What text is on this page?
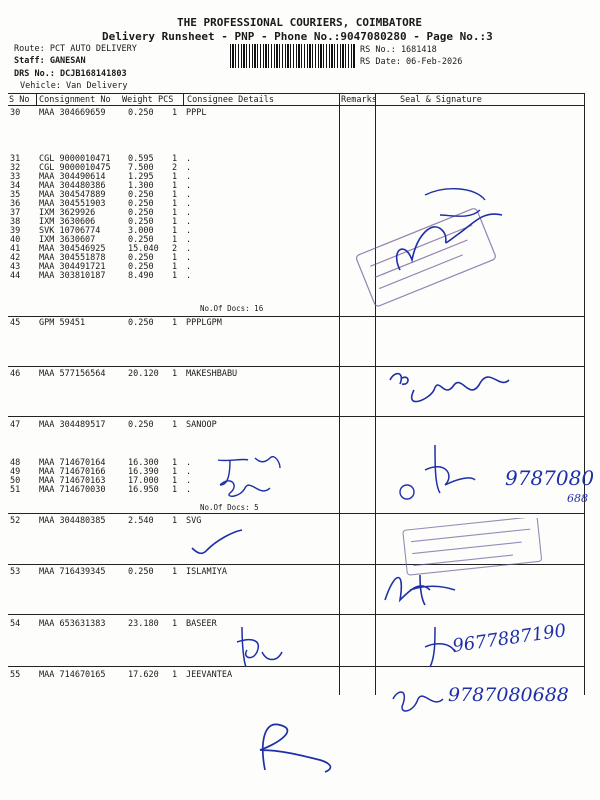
THE PROFESSIONAL COURIERS, COIMBATORE
Delivery Runsheet - PNP - Phone No.:9047080280 - Page No.:3
Route: PCT AUTO DELIVERY
Staff: GANESAN
DRS No.: DCJB168141803
Vehicle: Van Delivery
RS No.: 1681418
RS Date: 06-Feb-2026
S No Consignment No Weight PCS Consignee Details	Remarks	Seal & Signature
30 MAA 304669659	0.250 1 PPPL
31 CGL 9000010471 0.595 1 .
32 CGL 9000010475 7.500 2 .
33 MAA 304490614	1.295 1 .
34 MAA 304480386	1.300 1 .
35 MAA 304547889	0.250 1 .
36 MAA 304551903	0.250 1 .
37 IXM 3629926	0.250 1 .
38 IXM 3630606	0.250 1 .
39 SVK 10706774	3.000 1 .
40 IXM 3630607	0.250 1 .
41 MAA 304546925	15.040 2 .
42 MAA 304551878	0.250 1 .
43 MAA 304491721	0.250 1 .
44 MAA 303810187	8.490 1 .
45 GPM 59451	0.250 1 PPPLGPM
46 MAA 577156564	20.120 1 MAKESHBABU
47 MAA 304489517	0.250 1 SANOOP
48 MAA 714670164	16.300 1 .
49 MAA 714670166	16.390 1 .
50 MAA 714670163	17.000 1 .
51 MAA 714670030	16.950 1 .
52 MAA 304480385	2.540 1 SVG
53 MAA 716439345	0.250 1 ISLAMIYA
54 MAA 653631383	23.180 1 BASEER
55 MAA 714670165	17.620 1 JEEVANTEA
No.Of Docs: 16
No.Of Docs: 5
9787080
688
9677887190
9787080688
